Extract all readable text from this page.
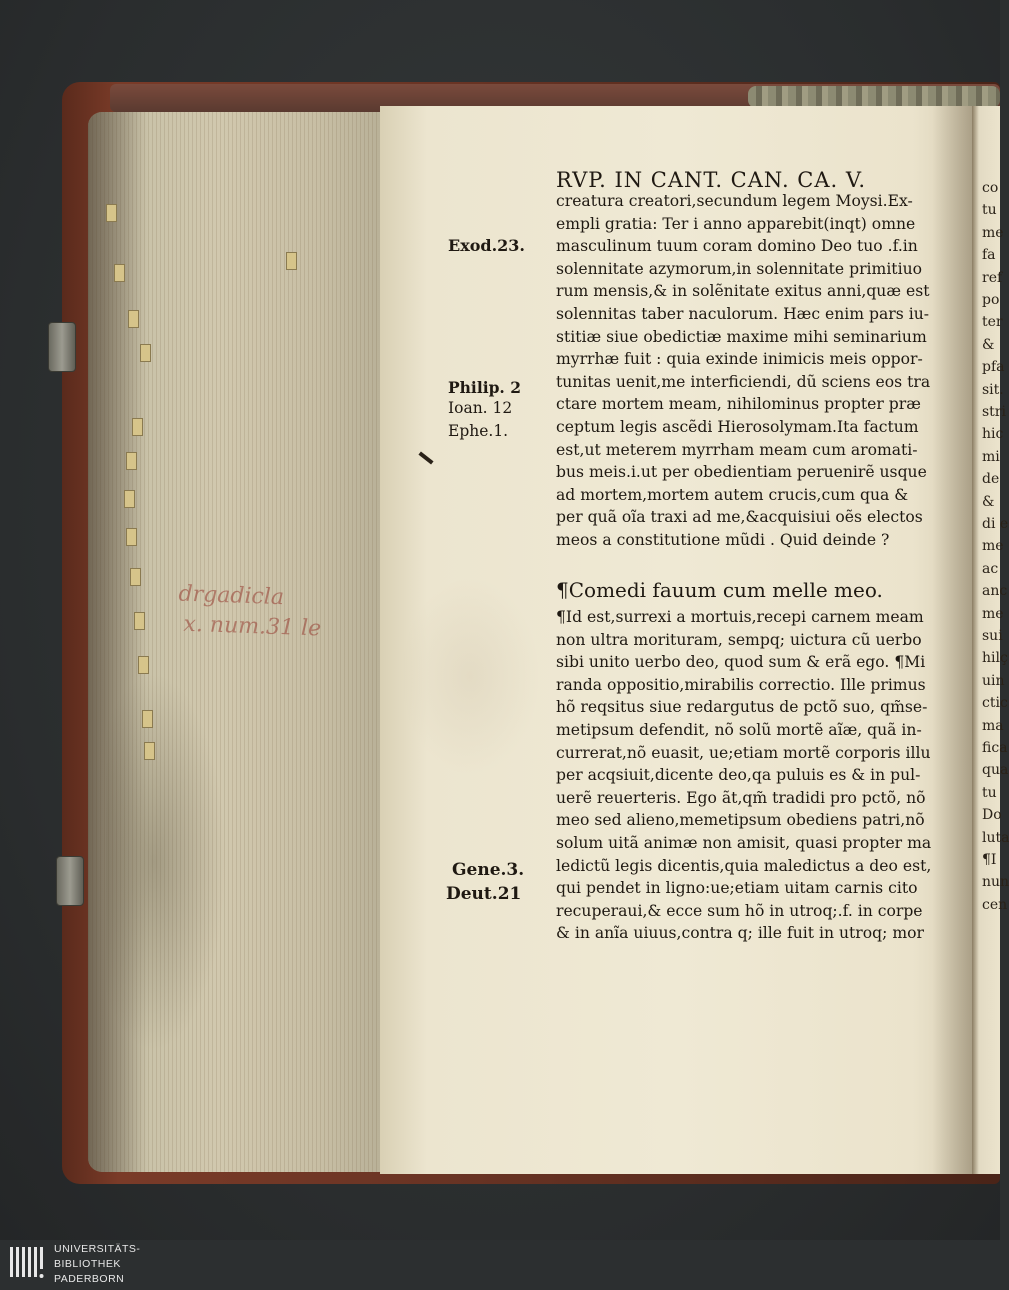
drgadicla
x. num.31 le
co
tu
me
fa
ref
po
ter
&
pfa
sit.
stri
hic
mi
de
&
di e
me
ac
anc
me
sui
hilç
uin
ctic
ma
fica
qua
tu
Do
luta
¶I
nun
cen
RVP. IN CANT. CAN. CA. V.
creatura creatori,secundum legem Moysi.Ex-
empli gratia: Ter i anno apparebit(inqt) omne
masculinum tuum coram domino Deo tuo .f.in
solennitate azymorum,in solennitate primitiuo
rum mensis,& in solẽnitate exitus anni,quæ est
solennitas taber naculorum. Hæc enim pars iu-
stitiæ siue obedictiæ maxime mihi seminarium
myrrhæ fuit : quia exinde inimicis meis oppor-
tunitas uenit,me interficiendi, dũ sciens eos tra
ctare mortem meam, nihilominus propter præ
ceptum legis ascẽdi Hierosolymam.Ita factum
est,ut meterem myrrham meam cum aromati-
bus meis.i.ut per obedientiam peruenirẽ usque
ad mortem,mortem autem crucis,cum qua &
per quã oĩa traxi ad me,&acquisiui oẽs electos
meos a constitutione mũdi . Quid deinde ?
¶Comedi fauum cum melle meo.
¶Id est,surrexi a mortuis,recepi carnem meam
non ultra morituram, sempq; uictura cũ uerbo
sibi unito uerbo deo, quod sum & erã ego. ¶Mi
randa oppositio,mirabilis correctio. Ille primus
hõ reqsitus siue redargutus de pctõ suo, qm̃se-
metipsum defendit, nõ solũ mortẽ aĩæ, quã in-
currerat,nõ euasit, ue;etiam mortẽ corporis illu
per acqsiuit,dicente deo,qa puluis es & in pul-
uerẽ reuerteris. Ego ãt,qm̃ tradidi pro pctõ, nõ
meo sed alieno,memetipsum obediens patri,nõ
solum uitã animæ non amisit, quasi propter ma
ledictũ legis dicentis,quia maledictus a deo est,
qui pendet in ligno:ue;etiam uitam carnis cito
recuperaui,& ecce sum hõ in utroq;.f. in corpe
& in anĩa uiuus,contra q; ille fuit in utroq; mor
Exod.23.
Philip. 2
Ioan. 12
Ephe.1.
Gene.3.
Deut.21
UNIVERSITÄTS-
BIBLIOTHEK
PADERBORN
